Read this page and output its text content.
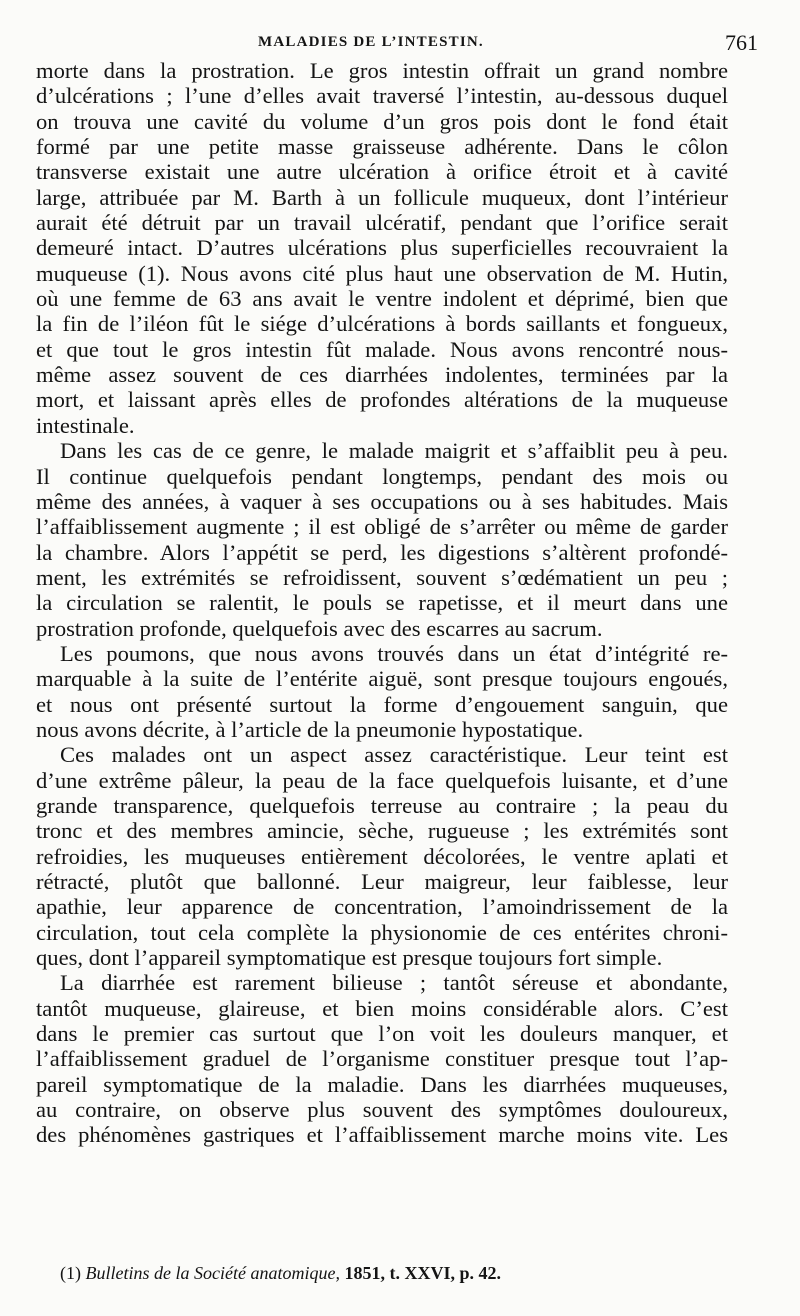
MALADIES DE L’INTESTIN.	761
morte dans la prostration. Le gros intestin offrait un grand nombre
d’ulcérations ; l’une d’elles avait traversé l’intestin, au-dessous duquel
on trouva une cavité du volume d’un gros pois dont le fond était
formé par une petite masse graisseuse adhérente. Dans le côlon
transverse existait une autre ulcération à orifice étroit et à cavité
large, attribuée par M. Barth à un follicule muqueux, dont l’intérieur
aurait été détruit par un travail ulcératif, pendant que l’orifice serait
demeuré intact. D’autres ulcérations plus superficielles recouvraient la
muqueuse (1). Nous avons cité plus haut une observation de M. Hutin,
où une femme de 63 ans avait le ventre indolent et déprimé, bien que
la fin de l’iléon fût le siége d’ulcérations à bords saillants et fongueux,
et que tout le gros intestin fût malade. Nous avons rencontré nous-
même assez souvent de ces diarrhées indolentes, terminées par la
mort, et laissant après elles de profondes altérations de la muqueuse
intestinale.
Dans les cas de ce genre, le malade maigrit et s’affaiblit peu à peu.
Il continue quelquefois pendant longtemps, pendant des mois ou
même des années, à vaquer à ses occupations ou à ses habitudes. Mais
l’affaiblissement augmente ; il est obligé de s’arrêter ou même de garder
la chambre. Alors l’appétit se perd, les digestions s’altèrent profondé-
ment, les extrémités se refroidissent, souvent s’œdématient un peu ;
la circulation se ralentit, le pouls se rapetisse, et il meurt dans une
prostration profonde, quelquefois avec des escarres au sacrum.
Les poumons, que nous avons trouvés dans un état d’intégrité re-
marquable à la suite de l’entérite aiguë, sont presque toujours engoués,
et nous ont présenté surtout la forme d’engouement sanguin, que
nous avons décrite, à l’article de la pneumonie hypostatique.
Ces malades ont un aspect assez caractéristique. Leur teint est
d’une extrême pâleur, la peau de la face quelquefois luisante, et d’une
grande transparence, quelquefois terreuse au contraire ; la peau du
tronc et des membres amincie, sèche, rugueuse ; les extrémités sont
refroidies, les muqueuses entièrement décolorées, le ventre aplati et
rétracté, plutôt que ballonné. Leur maigreur, leur faiblesse, leur
apathie, leur apparence de concentration, l’amoindrissement de la
circulation, tout cela complète la physionomie de ces entérites chroni-
ques, dont l’appareil symptomatique est presque toujours fort simple.
La diarrhée est rarement bilieuse ; tantôt séreuse et abondante,
tantôt muqueuse, glaireuse, et bien moins considérable alors. C’est
dans le premier cas surtout que l’on voit les douleurs manquer, et
l’affaiblissement graduel de l’organisme constituer presque tout l’ap-
pareil symptomatique de la maladie. Dans les diarrhées muqueuses,
au contraire, on observe plus souvent des symptômes douloureux,
des phénomènes gastriques et l’affaiblissement marche moins vite. Les
(1) Bulletins de la Société anatomique, 1851, t. XXVI, p. 42.
